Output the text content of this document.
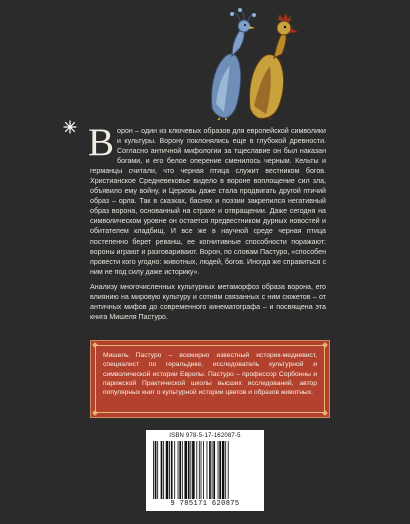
Ворон – один из ключевых образов для европейской символики и культуры. Ворону поклонялись еще в глубокой древности. Согласно античной мифологии за тщеславие он был наказан богами, и его белое оперение сменилось черным. Кельты и германцы считали, что черная птица служит вестником богов. Христианское Средневековье видело в вороне воплощение сил зла, объявило ему войну, и Церковь даже стала продвигать другой птичий образ – орла. Так в сказках, баснях и поэзии закрепился негативный образ ворона, основанный на страхе и отвращении. Даже сегодня на символическом уровне он остается предвестником дурных новостей и обитателем кладбищ. И все же в научной среде черная птица постепенно берет реванш, ее когнитивные способности поражают: вороны играют и разговаривают. Ворон, по словам Пастуро, «способен провести кого угодно: животных, людей, богов. Иногда же справиться с ним не под силу даже историку».

Анализу многочисленных культурных метаморфоз образа ворона, его влиянию на мировую культуру и сотням связанных с ним сюжетов – от античных мифов до современного кинематографа – и посвящена эта книга Мишеля Пастуро.

Мишель Пастуро – всемирно известный историк-медиевист, специалист по геральдике, исследователь культурной и символической истории Европы. Пастуро – профессор Сорбонны и парижской Практической школы высших исследований, автор популярных книг о культурной истории цветов и образов животных.

ISBN 978-5-17-162087-5
9 785171 620875
